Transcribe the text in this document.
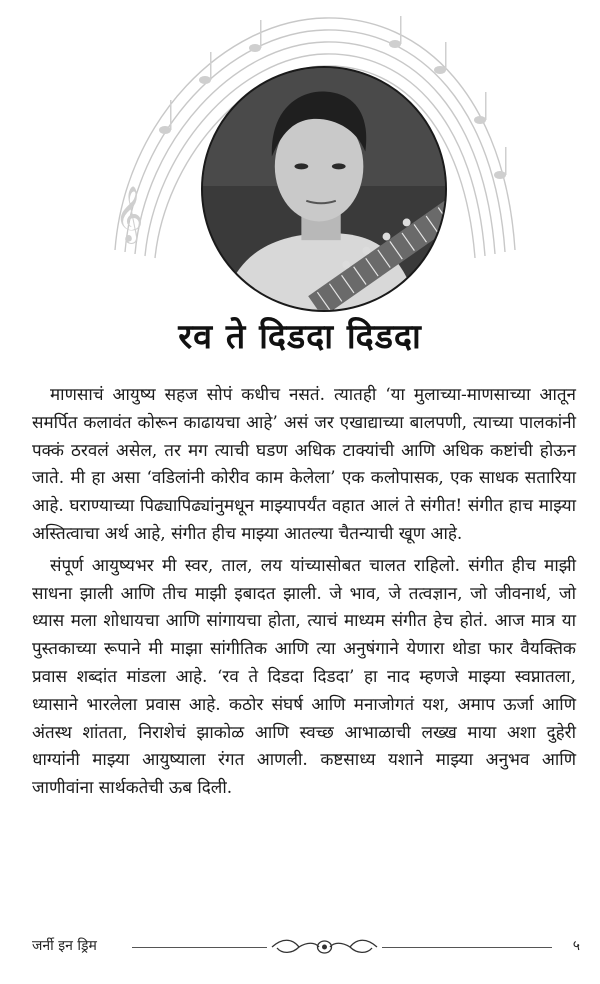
𝄞
रव ते दिडदा दिडदा

माणसाचं आयुष्य सहज सोपं कधीच नसतं. त्यातही ‘या मुलाच्या-माणसाच्या आतून समर्पित कलावंत कोरून काढायचा आहे’ असं जर एखाद्याच्या बालपणी, त्याच्या पालकांनी पक्कं ठरवलं असेल, तर मग त्याची घडण अधिक टाक्यांची आणि अधिक कष्टांची होऊन जाते. मी हा असा ‘वडिलांनी कोरीव काम केलेला’ एक कलोपासक, एक साधक सतारिया आहे. घराण्याच्या पिढ्यापिढ्यांनुमधून माझ्यापर्यंत वहात आलं ते संगीत! संगीत हाच माझ्या अस्तित्वाचा अर्थ आहे, संगीत हीच माझ्या आतल्या चैतन्याची खूण आहे.

संपूर्ण आयुष्यभर मी स्वर, ताल, लय यांच्यासोबत चालत राहिलो. संगीत हीच माझी साधना झाली आणि तीच माझी इबादत झाली. जे भाव, जे तत्वज्ञान, जो जीवनार्थ, जो ध्यास मला शोधायचा आणि सांगायचा होता, त्याचं माध्यम संगीत हेच होतं. आज मात्र या पुस्तकाच्या रूपाने मी माझा सांगीतिक आणि त्या अनुषंगाने येणारा थोडा फार वैयक्तिक प्रवास शब्दांत मांडला आहे. ‘रव ते दिडदा दिडदा’ हा नाद म्हणजे माझ्या स्वप्नातला, ध्यासाने भारलेला प्रवास आहे. कठोर संघर्ष आणि मनाजोगतं यश, अमाप ऊर्जा आणि अंतस्थ शांतता, निराशेचं झाकोळ आणि स्वच्छ आभाळाची लख्ख माया अशा दुहेरी धाग्यांनी माझ्या आयुष्याला रंगत आणली. कष्टसाध्य यशाने माझ्या अनुभव आणि जाणीवांना सार्थकतेची ऊब दिली.

जर्नी इन ड्रिम	५
